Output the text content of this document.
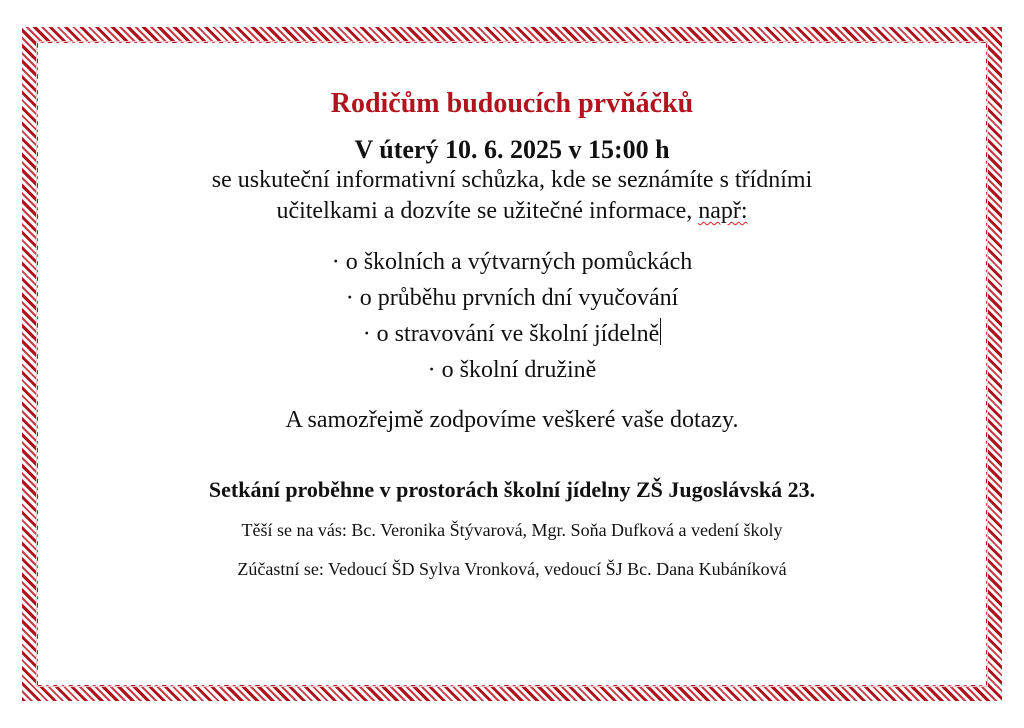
Rodičům budoucích prvňáčků

V úterý 10. 6. 2025 v 15:00 h

se uskuteční informativní schůzka, kde se seznámíte s třídními
učitelkami a dozvíte se užitečné informace, např:

· o školních a výtvarných pomůckách
· o průběhu prvních dní vyučování
· o stravování ve školní jídelně
· o školní družině

A samozřejmě zodpovíme veškeré vaše dotazy.

Setkání proběhne v prostorách školní jídelny ZŠ Jugoslávská 23.

Těší se na vás: Bc. Veronika Štývarová, Mgr. Soňa Dufková a vedení školy

Zúčastní se: Vedoucí ŠD Sylva Vronková, vedoucí ŠJ Bc. Dana Kubáníková
